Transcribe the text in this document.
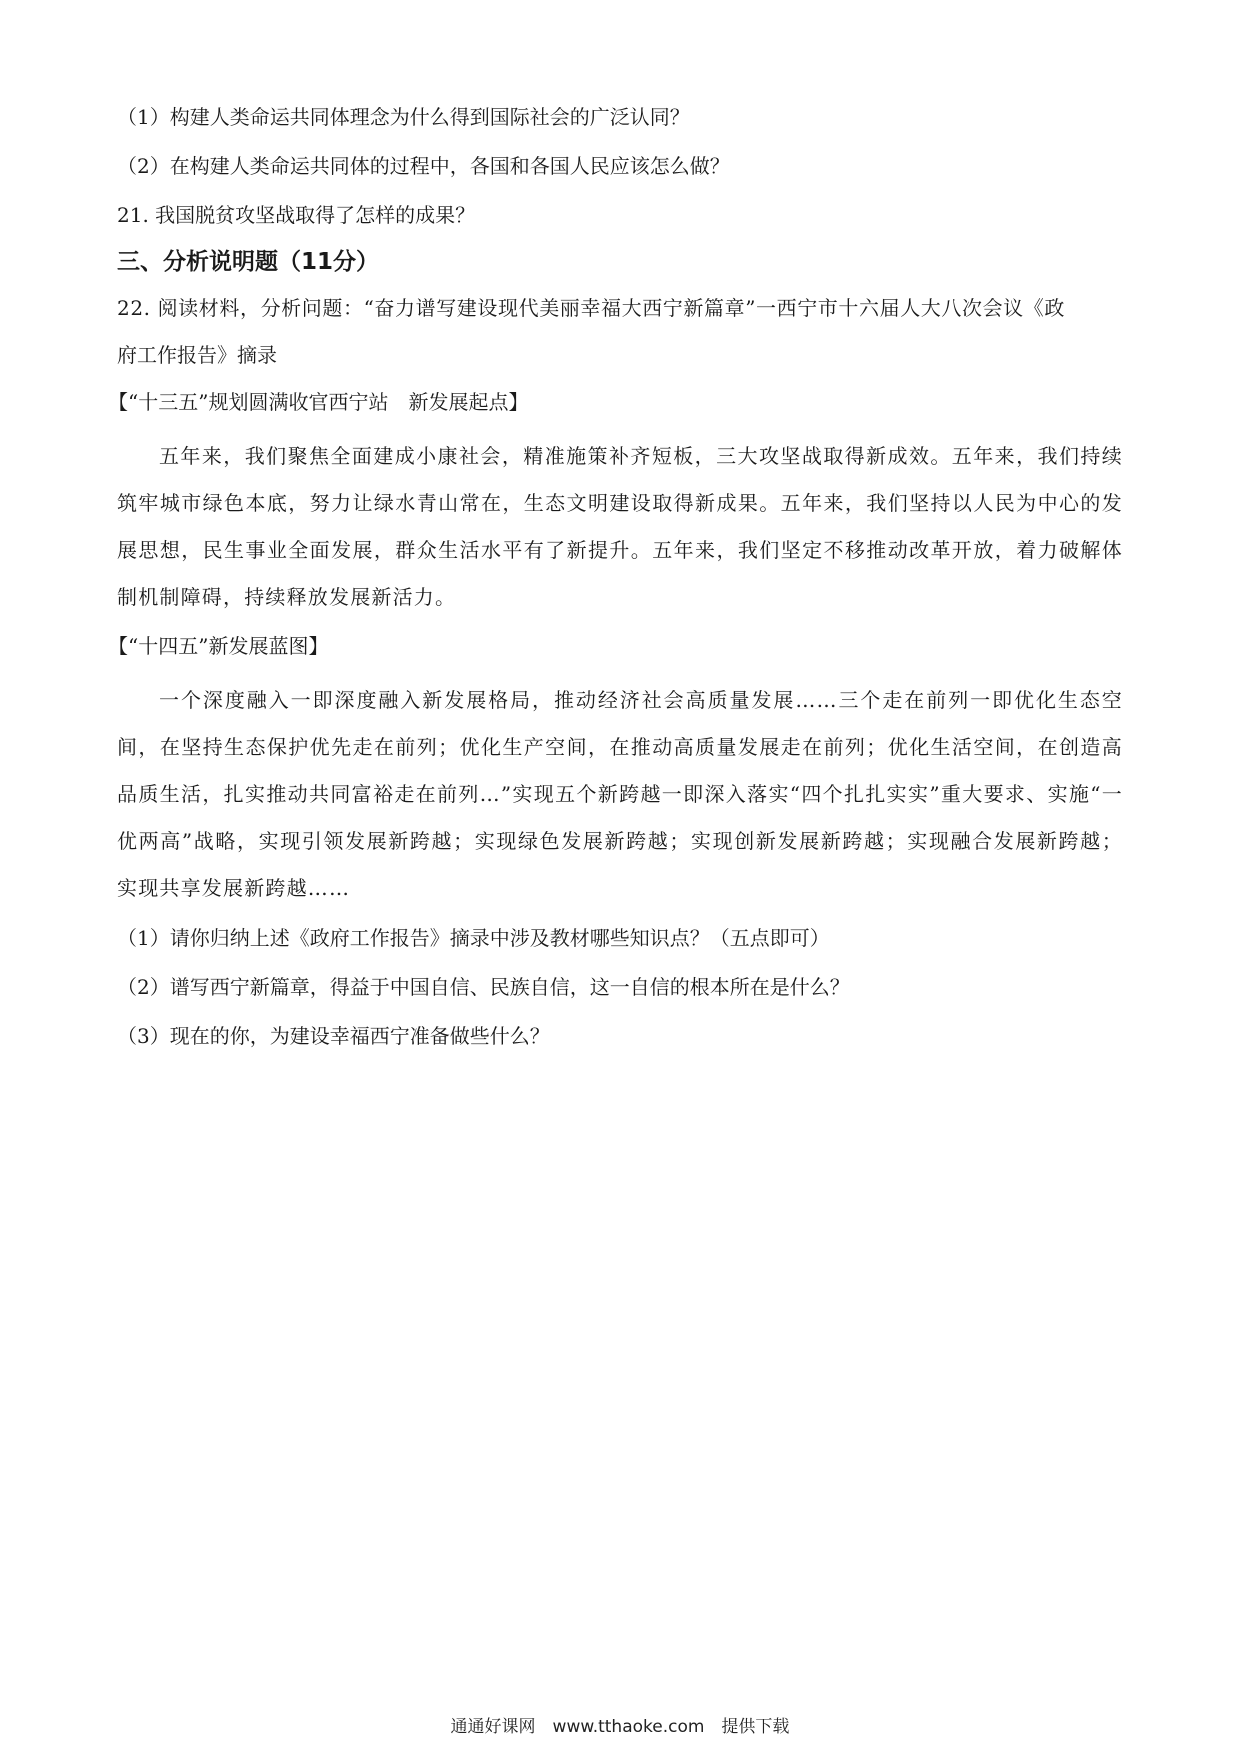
（1）构建人类命运共同体理念为什么得到国际社会的广泛认同？
（2）在构建人类命运共同体的过程中，各国和各国人民应该怎么做？
21. 我国脱贫攻坚战取得了怎样的成果？
三、分析说明题（11分）
22. 阅读材料，分析问题：“奋力谱写建设现代美丽幸福大西宁新篇章”一西宁市十六届人大八次会议《政
府工作报告》摘录
【“十三五”规划圆满收官西宁站　新发展起点】
五年来，我们聚焦全面建成小康社会，精准施策补齐短板，三大攻坚战取得新成效。五年来，我们持续筑牢城市绿色本底，努力让绿水青山常在，生态文明建设取得新成果。五年来，我们坚持以人民为中心的发展思想，民生事业全面发展，群众生活水平有了新提升。五年来，我们坚定不移推动改革开放，着力破解体制机制障碍，持续释放发展新活力。
【“十四五”新发展蓝图】
一个深度融入一即深度融入新发展格局，推动经济社会高质量发展……三个走在前列一即优化生态空间，在坚持生态保护优先走在前列；优化生产空间，在推动高质量发展走在前列；优化生活空间，在创造高品质生活，扎实推动共同富裕走在前列…”实现五个新跨越一即深入落实“四个扎扎实实”重大要求、实施“一优两高”战略，实现引领发展新跨越；实现绿色发展新跨越；实现创新发展新跨越；实现融合发展新跨越；实现共享发展新跨越……
（1）请你归纳上述《政府工作报告》摘录中涉及教材哪些知识点？（五点即可）
（2）谱写西宁新篇章，得益于中国自信、民族自信，这一自信的根本所在是什么？
（3）现在的你，为建设幸福西宁准备做些什么？
通通好课网　www.tthaoke.com　提供下载
